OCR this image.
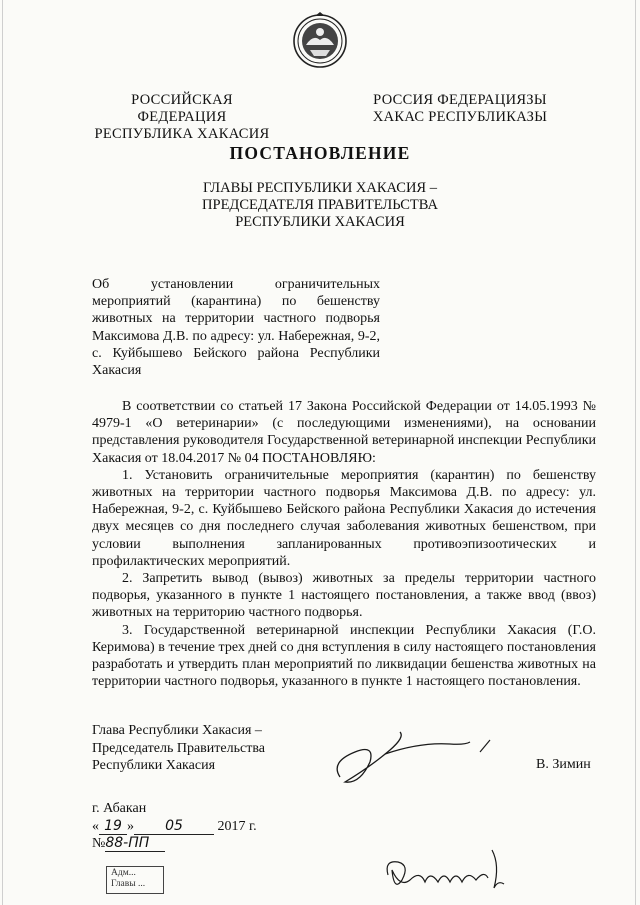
РОССИЙСКАЯ ФЕДЕРАЦИЯ
РЕСПУБЛИКА ХАКАСИЯ
РОССИЯ ФЕДЕРАЦИЯЗЫ
ХАКАС РЕСПУБЛИКАЗЫ
ПОСТАНОВЛЕНИЕ
ГЛАВЫ РЕСПУБЛИКИ ХАКАСИЯ –
ПРЕДСЕДАТЕЛЯ ПРАВИТЕЛЬСТВА
РЕСПУБЛИКИ ХАКАСИЯ
Об установлении ограничительных мероприятий (карантина) по бешенству животных на территории частного подворья Максимова Д.В. по адресу: ул. Набережная, 9-2, с. Куйбышево Бейского района Республики Хакасия

В соответствии со статьей 17 Закона Российской Федерации от 14.05.1993 № 4979-1 «О ветеринарии» (с последующими изменениями), на основании представления руководителя Государственной ветеринарной инспекции Республики Хакасия от 18.04.2017 № 04 ПОСТАНОВЛЯЮ:

1. Установить ограничительные мероприятия (карантин) по бешенству животных на территории частного подворья Максимова Д.В. по адресу: ул. Набережная, 9-2, с. Куйбышево Бейского района Республики Хакасия до истечения двух месяцев со дня последнего случая заболевания животных бешенством, при условии выполнения запланированных противоэпизоотических и профилактических мероприятий.

2. Запретить вывод (вывоз) животных за пределы территории частного подворья, указанного в пункте 1 настоящего постановления, а также ввод (ввоз) животных на территорию частного подворья.

3. Государственной ветеринарной инспекции Республики Хакасия (Г.О. Керимова) в течение трех дней со дня вступления в силу настоящего постановления разработать и утвердить план мероприятий по ликвидации бешенства животных на территории частного подворья, указанного в пункте 1 настоящего постановления.

Глава Республики Хакасия –
Председатель Правительства
Республики Хакасия	В. Зимин
г. Абакан
« 19 » 05 2017 г.
№88-ПП
Адм...
Главы ...
